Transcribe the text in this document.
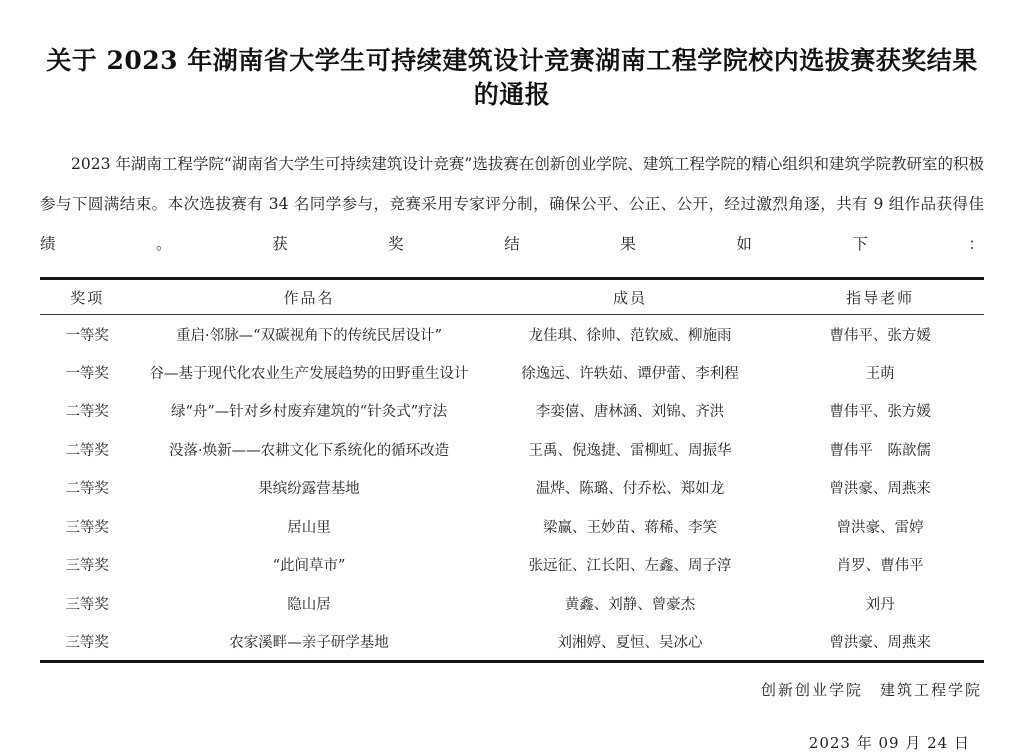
关于 2023 年湖南省大学生可持续建筑设计竞赛湖南工程学院校内选拔赛获奖结果的通报

2023 年湖南工程学院“湖南省大学生可持续建筑设计竞赛”选拔赛在创新创业学院、建筑工程学院的精心组织和建筑学院教研室的积极参与下圆满结束。本次选拔赛有 34 名同学参与，竞赛采用专家评分制，确保公平、公正、公开，经过激烈角逐，共有 9 组作品获得佳绩。获奖结果如下：

奖项	作品名	成员	指导老师
一等奖	重启·邻脉—“双碳视角下的传统民居设计”	龙佳琪、徐帅、范钦威、柳施雨	曹伟平、张方媛
一等奖	谷—基于现代化农业生产发展趋势的田野重生设计	徐逸远、许轶茹、谭伊蕾、李利程	王萌
二等奖	绿“舟”—针对乡村废弃建筑的“针灸式”疗法	李娈僖、唐林涵、刘锦、齐洪	曹伟平、张方媛
二等奖	没落·焕新——农耕文化下系统化的循环改造	王禹、倪逸捷、雷柳虹、周振华	曹伟平　陈歆儒
二等奖	果缤纷露营基地	温烨、陈璐、付乔松、郑如龙	曾洪豪、周燕来
三等奖	居山里	梁赢、王妙苗、蒋稀、李笑	曾洪豪、雷婷
三等奖	“此间草市”	张远征、江长阳、左鑫、周子淳	肖罗、曹伟平
三等奖	隐山居	黄鑫、刘静、曾豪杰	刘丹
三等奖	农家溪畔—亲子研学基地	刘湘婷、夏恒、吴冰心	曾洪豪、周燕来
创新创业学院　建筑工程学院
2023 年 09 月 24 日
